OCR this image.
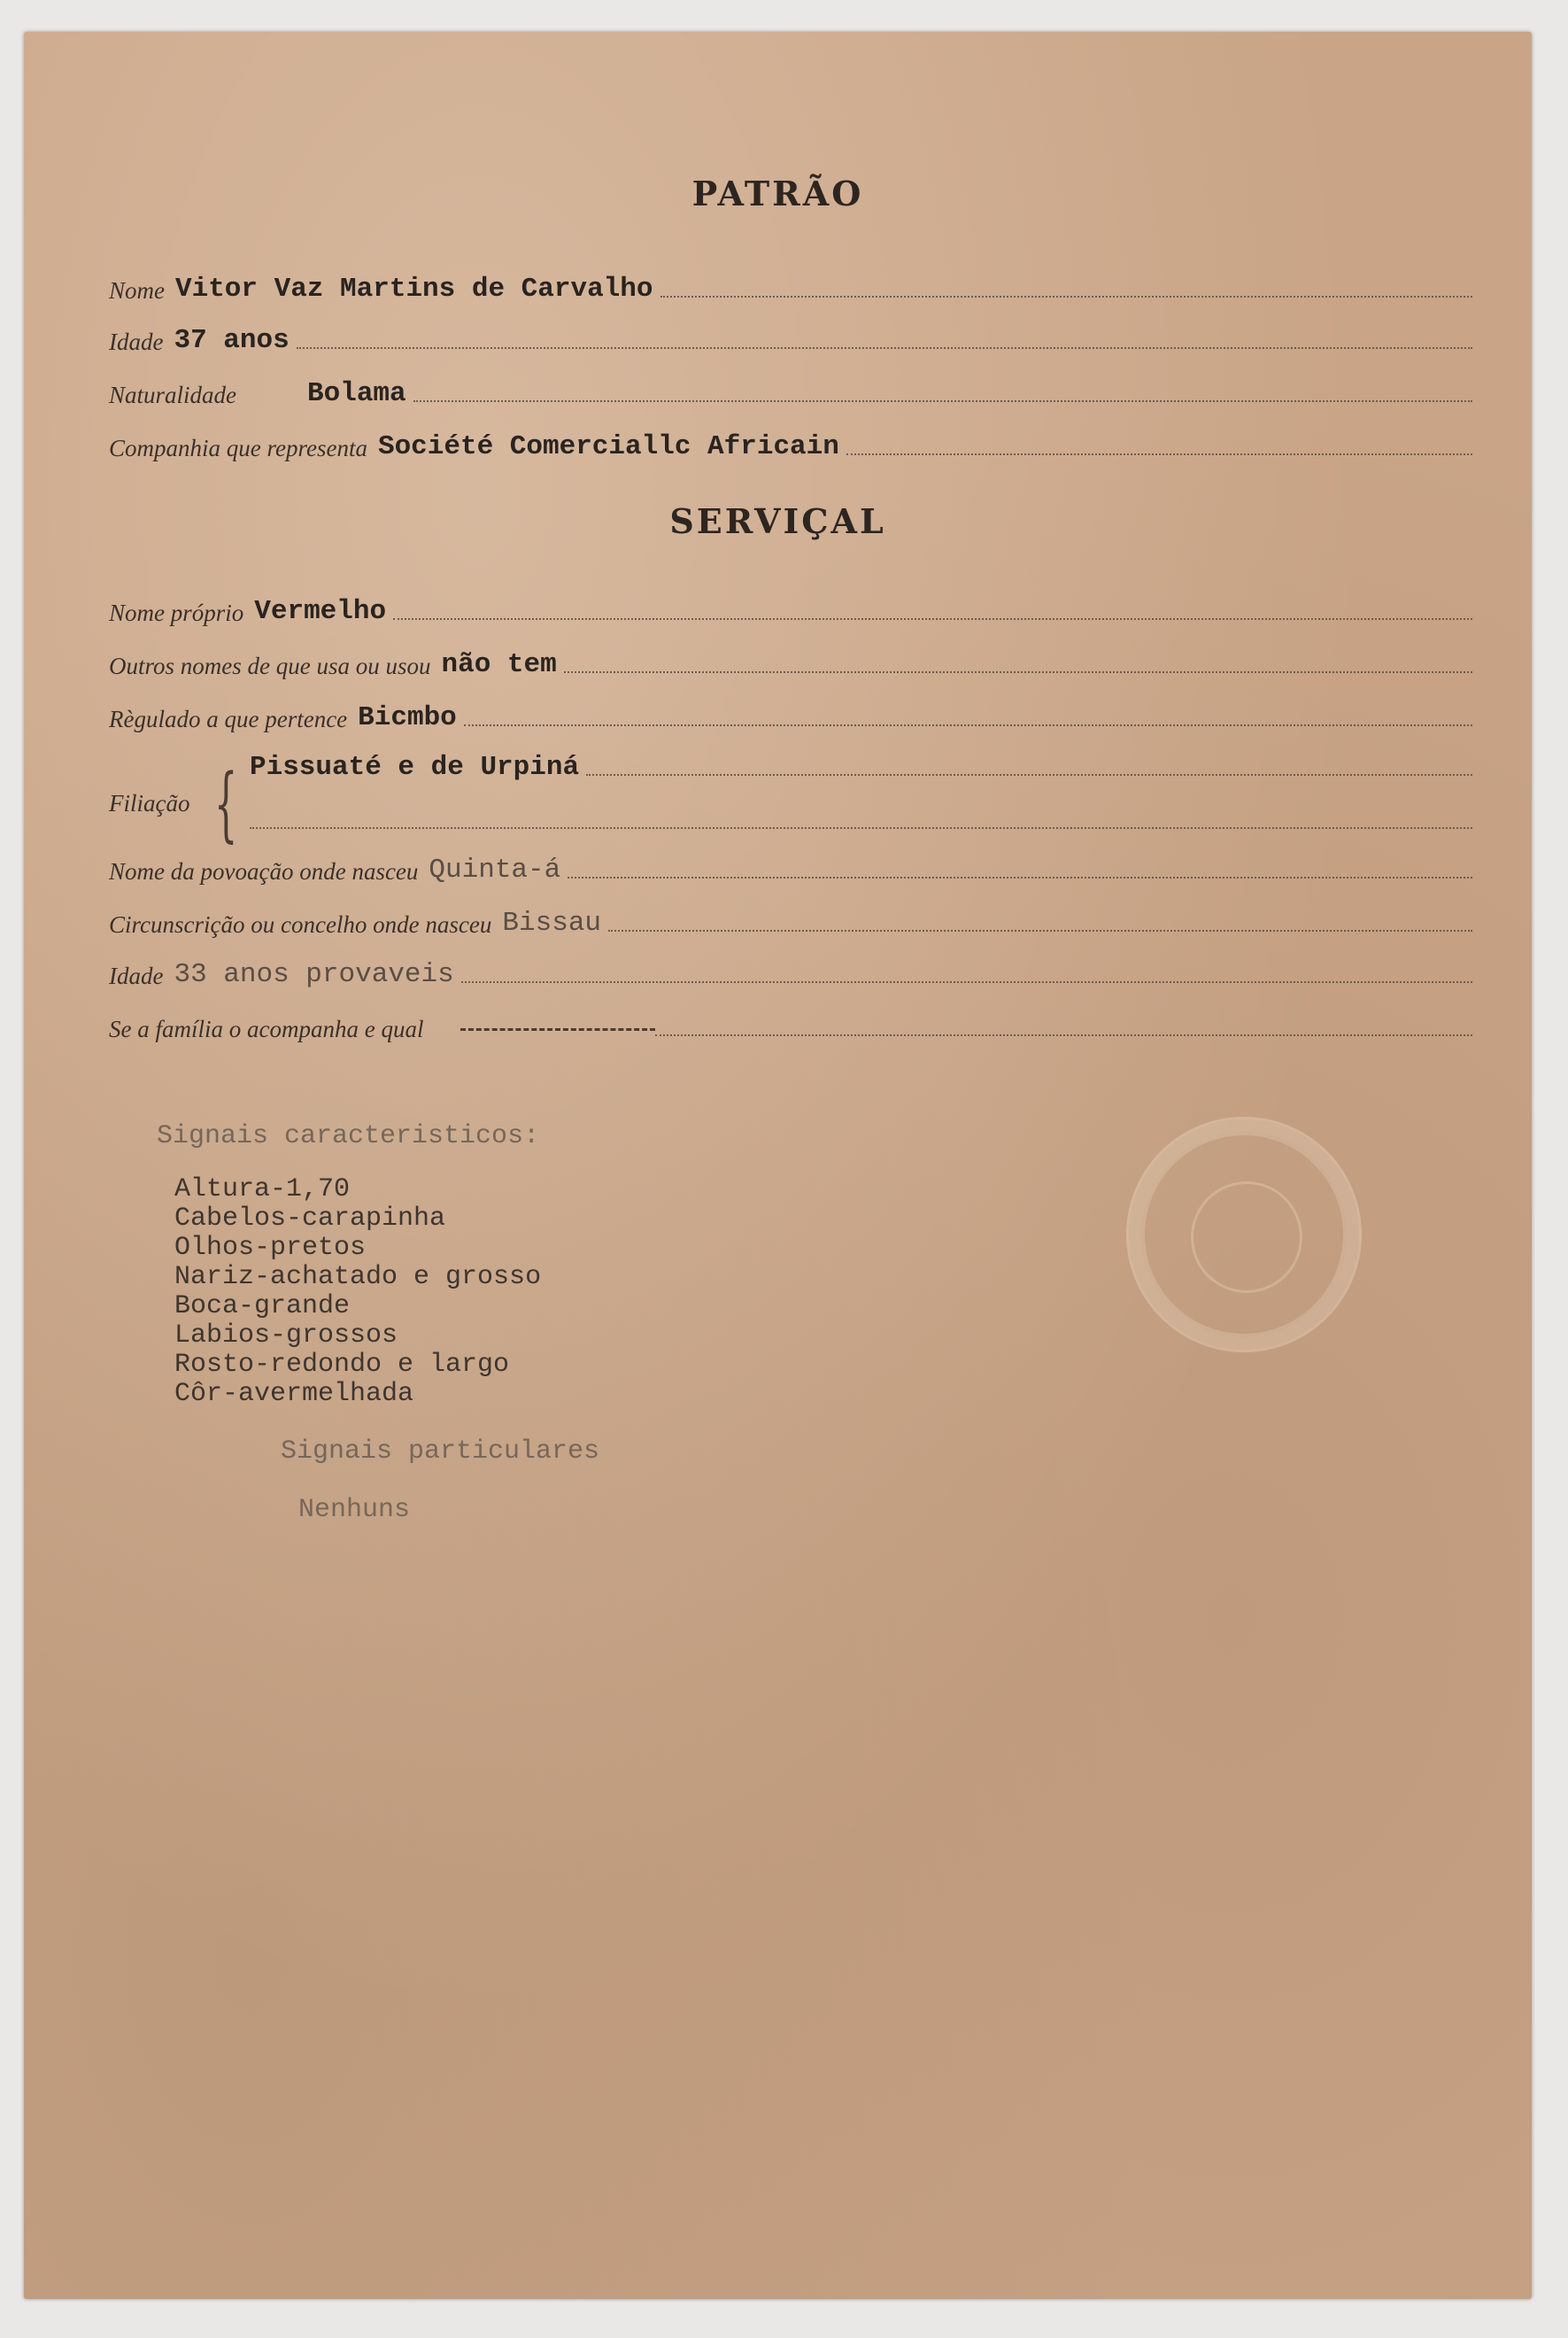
PATRÃO
Nome Vitor Vaz Martins de Carvalho
Idade 37 anos
Naturalidade	Bolama
Companhia que representa Société Comerciallc Africain
SERVIÇAL
Nome próprio Vermelho
Outros nomes de que usa ou usou não tem
Règulado a que pertence Bicmbo
Filiação { Pissuaté e de Urpiná
Nome da povoação onde nasceu Quinta-á
Circunscrição ou concelho onde nasceu Bissau
Idade 33 anos provaveis
Se a família o acompanha e qual
Signais caracteristicos:
Altura-1,70
Cabelos-carapinha
Olhos-pretos
Nariz-achatado e grosso
Boca-grande
Labios-grossos
Rosto-redondo e largo
Côr-avermelhada
Signais particulares
Nenhuns
